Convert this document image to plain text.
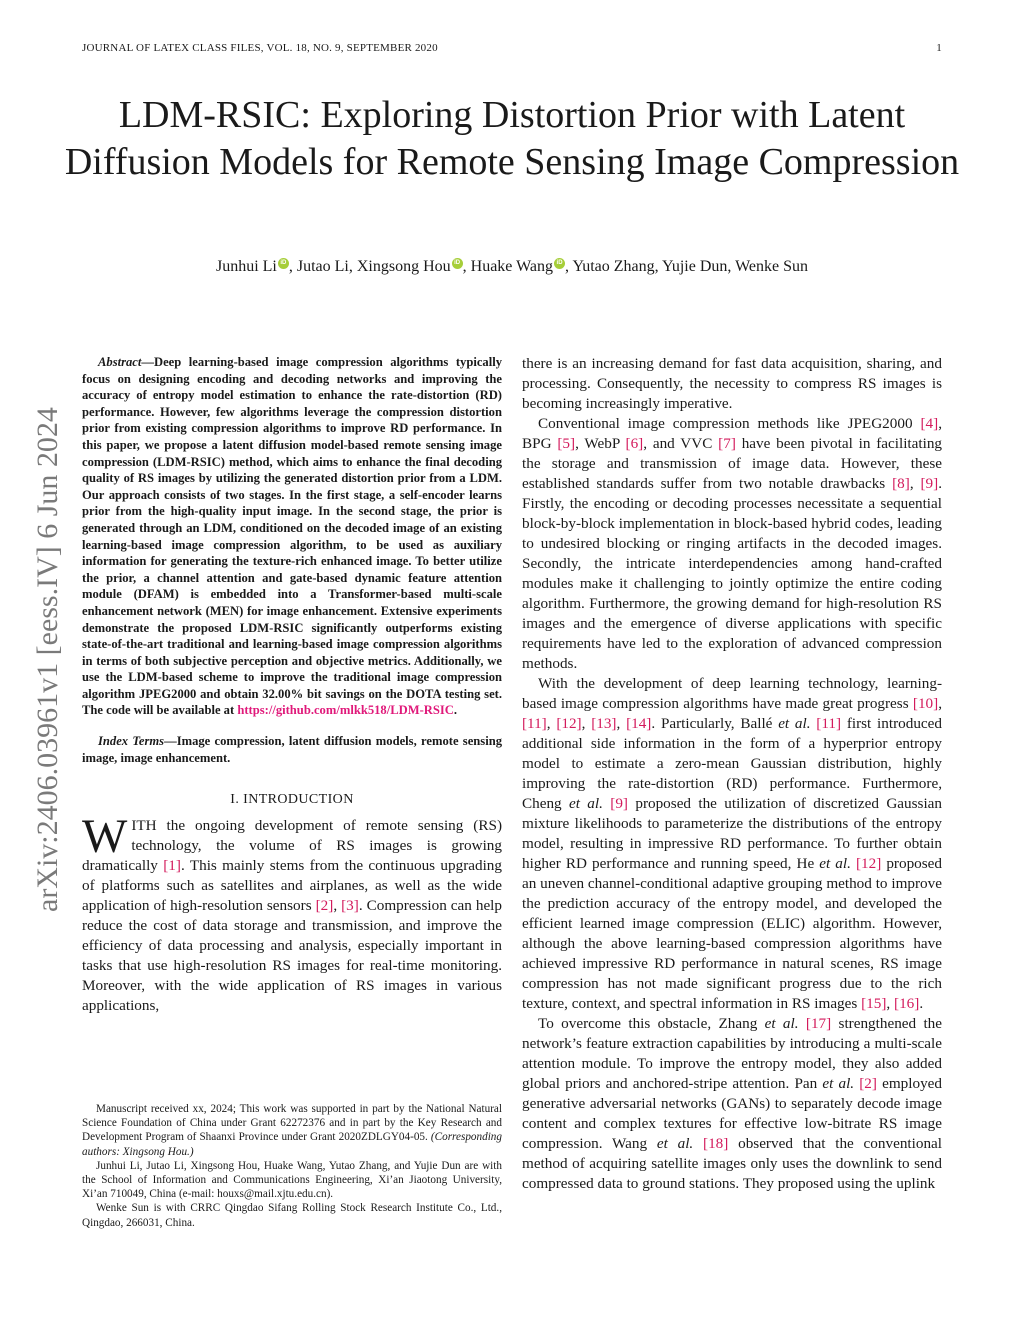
JOURNAL OF LATEX CLASS FILES, VOL. 18, NO. 9, SEPTEMBER 2020	1
LDM-RSIC: Exploring Distortion Prior with Latent Diffusion Models for Remote Sensing Image Compression
Junhui Li iD , Jutao Li, Xingsong Hou iD , Huake Wang iD , Yutao Zhang, Yujie Dun, Wenke Sun
arXiv:2406.03961v1 [eess.IV] 6 Jun 2024

Abstract—Deep learning-based image compression algorithms typically focus on designing encoding and decoding networks and improving the accuracy of entropy model estimation to enhance the rate-distortion (RD) performance. However, few algorithms leverage the compression distortion prior from existing compression algorithms to improve RD performance. In this paper, we propose a latent diffusion model-based remote sensing image compression (LDM-RSIC) method, which aims to enhance the final decoding quality of RS images by utilizing the generated distortion prior from a LDM. Our approach consists of two stages. In the first stage, a self-encoder learns prior from the high-quality input image. In the second stage, the prior is generated through an LDM, conditioned on the decoded image of an existing learning-based image compression algorithm, to be used as auxiliary information for generating the texture-rich enhanced image. To better utilize the prior, a channel attention and gate-based dynamic feature attention module (DFAM) is embedded into a Transformer-based multi-scale enhancement network (MEN) for image enhancement. Extensive experiments demonstrate the proposed LDM-RSIC significantly outperforms existing state-of-the-art traditional and learning-based image compression algorithms in terms of both subjective perception and objective metrics. Additionally, we use the LDM-based scheme to improve the traditional image compression algorithm JPEG2000 and obtain 32.00% bit savings on the DOTA testing set. The code will be available at https://github.com/mlkk518/LDM-RSIC.

Index Terms—Image compression, latent diffusion models, remote sensing image, image enhancement.

I. INTRODUCTION

WITH the ongoing development of remote sensing (RS) technology, the volume of RS images is growing dramatically [1]. This mainly stems from the continuous upgrading of platforms such as satellites and airplanes, as well as the wide application of high-resolution sensors [2], [3]. Compression can help reduce the cost of data storage and transmission, and improve the efficiency of data processing and analysis, especially important in tasks that use high-resolution RS images for real-time monitoring. Moreover, with the wide application of RS images in various applications,

Manuscript received xx, 2024; This work was supported in part by the National Natural Science Foundation of China under Grant 62272376 and in part by the Key Research and Development Program of Shaanxi Province under Grant 2020ZDLGY04-05. (Corresponding authors: Xingsong Hou.)

Junhui Li, Jutao Li, Xingsong Hou, Huake Wang, Yutao Zhang, and Yujie Dun are with the School of Information and Communications Engineering, Xi’an Jiaotong University, Xi’an 710049, China (e-mail: houxs@mail.xjtu.edu.cn).

Wenke Sun is with CRRC Qingdao Sifang Rolling Stock Research Institute Co., Ltd., Qingdao, 266031, China.

there is an increasing demand for fast data acquisition, sharing, and processing. Consequently, the necessity to compress RS images is becoming increasingly imperative.

Conventional image compression methods like JPEG2000 [4], BPG [5], WebP [6], and VVC [7] have been pivotal in facilitating the storage and transmission of image data. However, these established standards suffer from two notable drawbacks [8], [9]. Firstly, the encoding or decoding processes necessitate a sequential block-by-block implementation in block-based hybrid codes, leading to undesired blocking or ringing artifacts in the decoded images. Secondly, the intricate interdependencies among hand-crafted modules make it challenging to jointly optimize the entire coding algorithm. Furthermore, the growing demand for high-resolution RS images and the emergence of diverse applications with specific requirements have led to the exploration of advanced compression methods.

With the development of deep learning technology, learning-based image compression algorithms have made great progress [10], [11], [12], [13], [14]. Particularly, Ballé et al. [11] first introduced additional side information in the form of a hyperprior entropy model to estimate a zero-mean Gaussian distribution, highly improving the rate-distortion (RD) performance. Furthermore, Cheng et al. [9] proposed the utilization of discretized Gaussian mixture likelihoods to parameterize the distributions of the entropy model, resulting in impressive RD performance. To further obtain higher RD performance and running speed, He et al. [12] proposed an uneven channel-conditional adaptive grouping method to improve the prediction accuracy of the entropy model, and developed the efficient learned image compression (ELIC) algorithm. However, although the above learning-based compression algorithms have achieved impressive RD performance in natural scenes, RS image compression has not made significant progress due to the rich texture, context, and spectral information in RS images [15], [16].

To overcome this obstacle, Zhang et al. [17] strengthened the network’s feature extraction capabilities by introducing a multi-scale attention module. To improve the entropy model, they also added global priors and anchored-stripe attention. Pan et al. [2] employed generative adversarial networks (GANs) to separately decode image content and complex textures for effective low-bitrate RS image compression. Wang et al. [18] observed that the conventional method of acquiring satellite images only uses the downlink to send compressed data to ground stations. They proposed using the uplink
